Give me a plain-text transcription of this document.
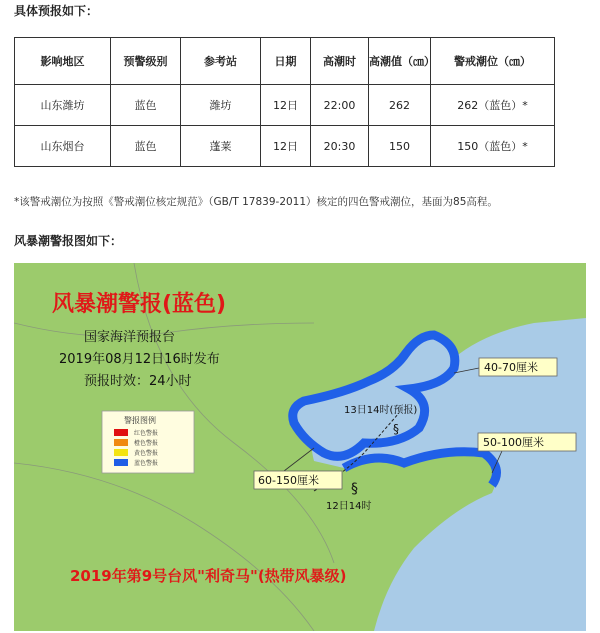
具体预报如下：
影响地区	预警级别	参考站	日期	高潮时	高潮值（㎝）	警戒潮位（㎝）
山东潍坊	蓝色	潍坊	12日	22:00	262	262（蓝色）*
山东烟台	蓝色	蓬莱	12日	20:30	150	150（蓝色）*
*该警戒潮位为按照《警戒潮位核定规范》（GB/T 17839-2011）核定的四色警戒潮位，基面为85高程。
风暴潮警报图如下：
§
§
风暴潮警报(蓝色)
国家海洋预报台
2019年08月12日16时发布
预报时效：24小时
警报图例
红色警报
橙色警报
黄色警报
蓝色警报
40-70厘米
50-100厘米
60-150厘米
13日14时(预报)
12日14时
2019年第9号台风"利奇马"(热带风暴级)
